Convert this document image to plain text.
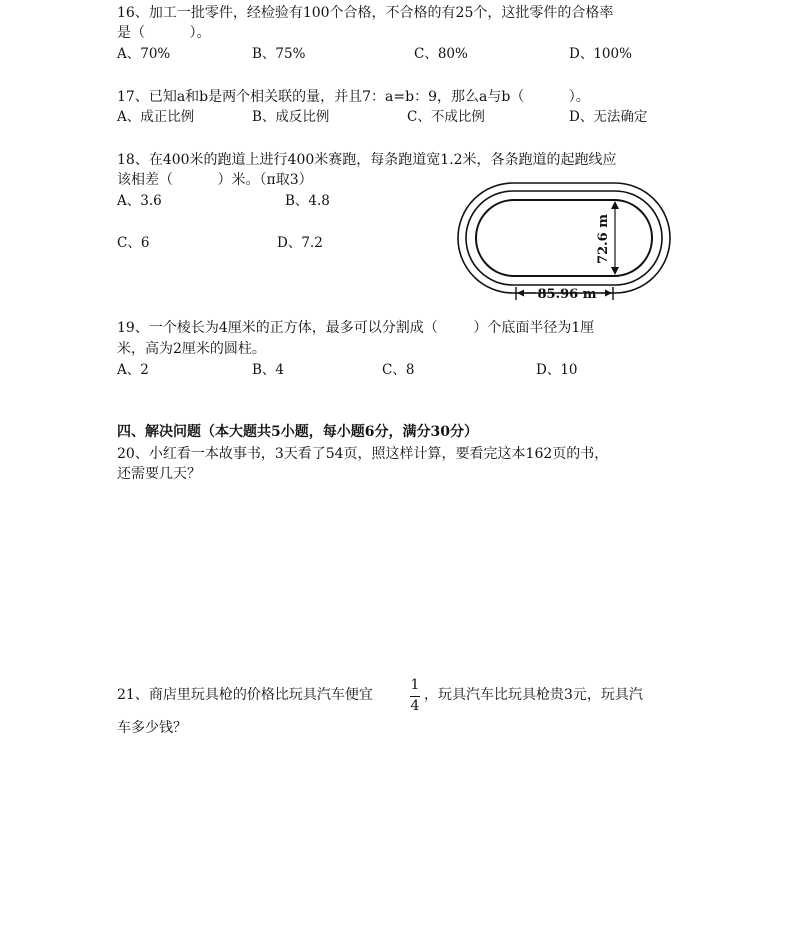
16、加工一批零件，经检验有100个合格，不合格的有25个，这批零件的合格率
是（          ）。
A、70%	B、75%	C、80%	D、100%
17、已知a和b是两个相关联的量，并且7：a=b：9，那么a与b（          ）。
A、成正比例	B、成反比例	C、不成比例	D、无法确定
18、在400米的跑道上进行400米赛跑，每条跑道宽1.2米，各条跑道的起跑线应
该相差（          ）米。（π取3）
A、3.6	B、4.8
C、6	D、7.2	72.6 m
85.96 m
19、一个棱长为4厘米的正方体，最多可以分割成（        ）个底面半径为1厘
米，高为2厘米的圆柱。
A、2	B、4	C、8	D、10
四、解决问题（本大题共5小题，每小题6分，满分30分）
20、小红看一本故事书，3天看了54页，照这样计算，要看完这本162页的书，
还需要几天？
21、商店里玩具枪的价格比玩具汽车便宜
1
4
，玩具汽车比玩具枪贵3元，玩具汽
车多少钱？
